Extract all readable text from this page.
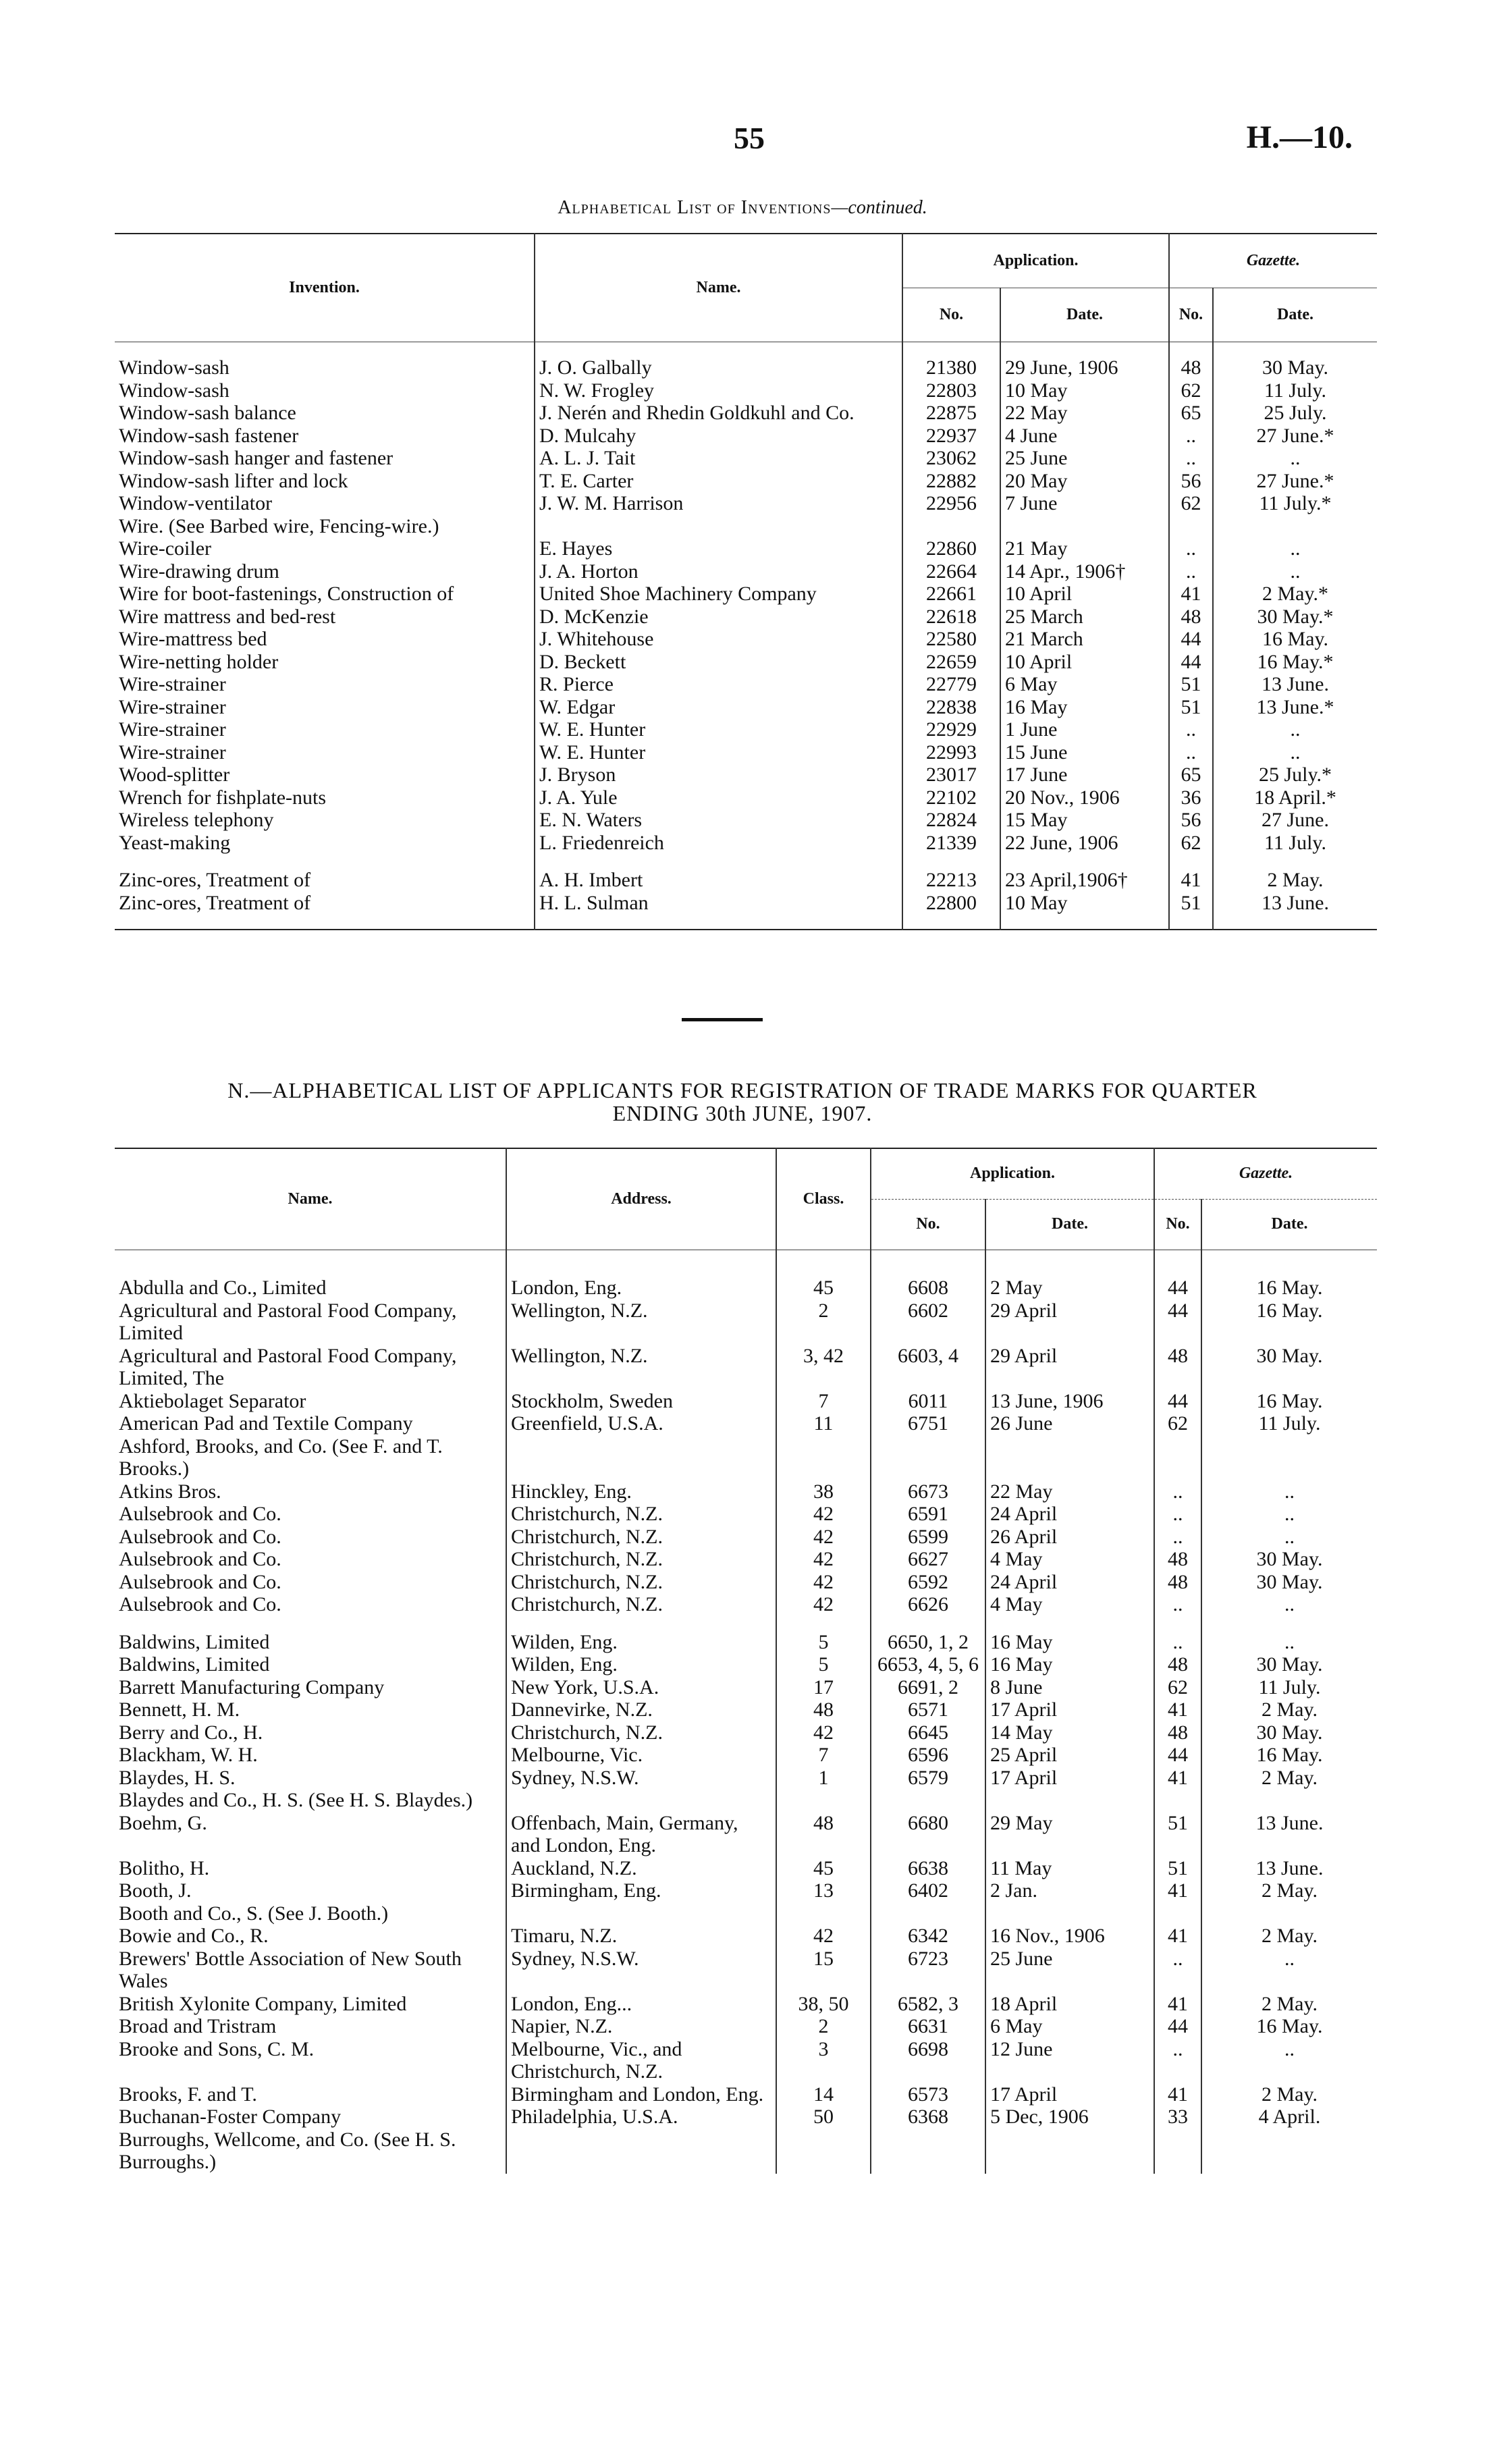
55	H.—10.
Alphabetical List of Inventions—continued.
Invention.	Name.	Application.		Gazette.	
		No.	Date.	No.	Date.

Window-sash	J. O. Galbally	21380	29 June, 1906	48	30 May.
Window-sash	N. W. Frogley	22803	10 May	62	11 July.
Window-sash balance	J. Nerén and Rhedin Goldkuhl and Co.	22875	22 May	65	25 July.
Window-sash fastener	D. Mulcahy	22937	4 June	..	27 June.*
Window-sash hanger and fastener	A. L. J. Tait	23062	25 June	..	..
Window-sash lifter and lock	T. E. Carter	22882	20 May	56	27 June.*
Window-ventilator	J. W. M. Harrison	22956	7 June	62	11 July.*
Wire. (See Barbed wire, Fencing-wire.)					
Wire-coiler	E. Hayes	22860	21 May	..	..
Wire-drawing drum	J. A. Horton	22664	14 Apr., 1906†	..	..
Wire for boot-fastenings, Construction of	United Shoe Machinery Company	22661	10 April	41	2 May.*
Wire mattress and bed-rest	D. McKenzie	22618	25 March	48	30 May.*
Wire-mattress bed	J. Whitehouse	22580	21 March	44	16 May.
Wire-netting holder	D. Beckett	22659	10 April	44	16 May.*
Wire-strainer	R. Pierce	22779	6 May	51	13 June.
Wire-strainer	W. Edgar	22838	16 May	51	13 June.*
Wire-strainer	W. E. Hunter	22929	1 June	..	..
Wire-strainer	W. E. Hunter	22993	15 June	..	..
Wood-splitter	J. Bryson	23017	17 June	65	25 July.*
Wrench for fishplate-nuts	J. A. Yule	22102	20 Nov., 1906	36	18 April.*
Wireless telephony	E. N. Waters	22824	15 May	56	27 June.
Yeast-making	L. Friedenreich	21339	22 June, 1906	62	11 July.

Zinc-ores, Treatment of	A. H. Imbert	22213	23 April,1906†	41	2 May.
Zinc-ores, Treatment of	H. L. Sulman	22800	10 May	51	13 June.

N.—ALPHABETICAL LIST OF APPLICANTS FOR REGISTRATION OF TRADE MARKS FOR QUARTER
ENDING 30th JUNE, 1907.
Name.	Address.	Class.	Application.		Gazette.	
			No.	Date.	No.	Date.

Abdulla and Co., Limited	London, Eng.	45	6608	2 May	44	16 May.
Agricultural and Pastoral Food Company, Limited	Wellington, N.Z.	2	6602	29 April	44	16 May.
Agricultural and Pastoral Food Company, Limited, The	Wellington, N.Z.	3, 42	6603, 4	29 April	48	30 May.
Aktiebolaget Separator	Stockholm, Sweden	7	6011	13 June, 1906	44	16 May.
American Pad and Textile Company	Greenfield, U.S.A.	11	6751	26 June	62	11 July.
Ashford, Brooks, and Co. (See F. and T. Brooks.)						
Atkins Bros.	Hinckley, Eng.	38	6673	22 May	..	..
Aulsebrook and Co.	Christchurch, N.Z.	42	6591	24 April	..	..
Aulsebrook and Co.	Christchurch, N.Z.	42	6599	26 April	..	..
Aulsebrook and Co.	Christchurch, N.Z.	42	6627	4 May	48	30 May.
Aulsebrook and Co.	Christchurch, N.Z.	42	6592	24 April	48	30 May.
Aulsebrook and Co.	Christchurch, N.Z.	42	6626	4 May	..	..

Baldwins, Limited	Wilden, Eng.	5	6650, 1, 2	16 May	..	..
Baldwins, Limited	Wilden, Eng.	5	6653, 4, 5, 6	16 May	48	30 May.
Barrett Manufacturing Company	New York, U.S.A.	17	6691, 2	8 June	62	11 July.
Bennett, H. M.	Dannevirke, N.Z.	48	6571	17 April	41	2 May.
Berry and Co., H.	Christchurch, N.Z.	42	6645	14 May	48	30 May.
Blackham, W. H.	Melbourne, Vic.	7	6596	25 April	44	16 May.
Blaydes, H. S.	Sydney, N.S.W.	1	6579	17 April	41	2 May.
Blaydes and Co., H. S. (See H. S. Blaydes.)						
Boehm, G.	Offenbach, Main, Germany, and London, Eng.	48	6680	29 May	51	13 June.
Bolitho, H.	Auckland, N.Z.	45	6638	11 May	51	13 June.
Booth, J.	Birmingham, Eng.	13	6402	2 Jan.	41	2 May.
Booth and Co., S. (See J. Booth.)						
Bowie and Co., R.	Timaru, N.Z.	42	6342	16 Nov., 1906	41	2 May.
Brewers' Bottle Association of New South Wales	Sydney, N.S.W.	15	6723	25 June	..	..
British Xylonite Company, Limited	London, Eng...	38, 50	6582, 3	18 April	41	2 May.
Broad and Tristram	Napier, N.Z.	2	6631	6 May	44	16 May.
Brooke and Sons, C. M.	Melbourne, Vic., and Christchurch, N.Z.	3	6698	12 June	..	..
Brooks, F. and T.	Birmingham and London, Eng.	14	6573	17 April	41	2 May.
Buchanan-Foster Company	Philadelphia, U.S.A.	50	6368	5 Dec, 1906	33	4 April.
Burroughs, Wellcome, and Co. (See H. S. Burroughs.)						
